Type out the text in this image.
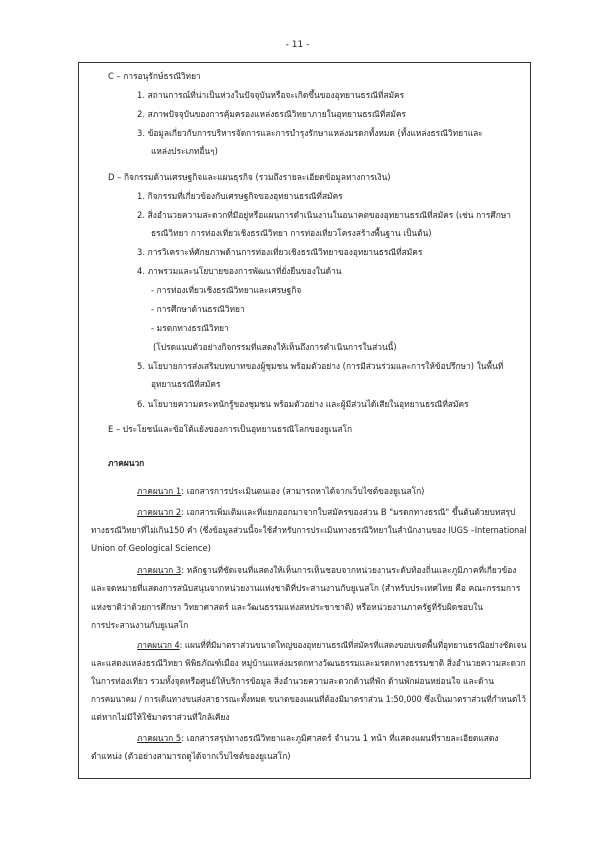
- 11 -
C – การอนุรักษ์ธรณีวิทยา
1. สถานการณ์ที่น่าเป็นห่วงในปัจจุบันหรือจะเกิดขึ้นของอุทยานธรณีที่สมัคร
2. สภาพปัจจุบันของการคุ้มครองแหล่งธรณีวิทยาภายในอุทยานธรณีที่สมัคร
3. ข้อมูลเกี่ยวกับการบริหารจัดการและการบำรุงรักษาแหล่งมรดกทั้งหมด (ทั้งแหล่งธรณีวิทยาและ
แหล่งประเภทอื่นๆ)
D – กิจกรรมด้านเศรษฐกิจและแผนธุรกิจ (รวมถึงรายละเอียดข้อมูลทางการเงิน)
1. กิจกรรมที่เกี่ยวข้องกับเศรษฐกิจของอุทยานธรณีที่สมัคร
2. สิ่งอำนวยความสะดวกที่มีอยู่หรือแผนการดำเนินงานในอนาคตของอุทยานธรณีที่สมัคร (เช่น การศึกษา
ธรณีวิทยา การท่องเที่ยวเชิงธรณีวิทยา การท่องเที่ยวโครงสร้างพื้นฐาน เป็นต้น)
3. การวิเคราะห์ศักยภาพด้านการท่องเที่ยวเชิงธรณีวิทยาของอุทยานธรณีที่สมัคร
4. ภาพรวมและนโยบายของการพัฒนาที่ยั่งยืนของในด้าน
- การท่องเที่ยวเชิงธรณีวิทยาและเศรษฐกิจ
- การศึกษาด้านธรณีวิทยา
- มรดกทางธรณีวิทยา
(โปรดแนบตัวอย่างกิจกรรมที่แสดงให้เห็นถึงการดำเนินการในส่วนนี้)
5. นโยบายการส่งเสริมบทบาทของผู้ชุมชน พร้อมตัวอย่าง (การมีส่วนร่วมและการให้ข้อปรึกษา) ในพื้นที่
อุทยานธรณีที่สมัคร
6. นโยบายความตระหนักรู้ของชุมชน พร้อมตัวอย่าง และผู้มีส่วนได้เสียในอุทยานธรณีที่สมัคร
E – ประโยชน์และข้อโต้แย้งของการเป็นอุทยานธรณีโลกของยูเนสโก
ภาคผนวก
ภาคผนวก 1: เอกสารการประเมินตนเอง (สามารถหาได้จากเว็บไซต์ของยูเนสโก)
ภาคผนวก 2: เอกสารเพิ่มเติมและที่แยกออกมาจากใบสมัครของส่วน B "มรดกทางธรณี" ขึ้นต้นด้วยบทสรุป
ทางธรณีวิทยาที่ไม่เกิน150 คำ (ซึ่งข้อมูลส่วนนี้จะใช้สำหรับการประเมินทางธรณีวิทยาในสำนักงานของ IUGS –International
Union of Geological Science)
ภาคผนวก 3: หลักฐานที่ชัดเจนที่แสดงให้เห็นการเห็นชอบจากหน่วยงานระดับท้องถิ่นและภูมิภาคที่เกี่ยวข้อง
และจดหมายที่แสดงการสนับสนุนจากหน่วยงานแห่งชาติที่ประสานงานกับยูเนสโก (สำหรับประเทศไทย คือ คณะกรรมการ
แห่งชาติว่าด้วยการศึกษา วิทยาศาสตร์ และวัฒนธรรมแห่งสหประชาชาติ) หรือหน่วยงานภาครัฐที่รับผิดชอบใน
การประสานงานกับยูเนสโก
ภาคผนวก 4: แผนที่ที่มีมาตราส่วนขนาดใหญ่ของอุทยานธรณีที่สมัครที่แสดงขอบเขตพื้นที่อุทยานธรณีอย่างชัดเจน
และแสดงแหล่งธรณีวิทยา พิพิธภัณฑ์เมือง หมู่บ้านแหล่งมรดกทางวัฒนธรรมและมรดกทางธรรมชาติ สิ่งอำนวยความสะดวก
ในการท่องเที่ยว รวมทั้งจุดหรือศูนย์ให้บริการข้อมูล สิ่งอำนวยความสะดวกด้านที่พัก ด้านพักผ่อนหย่อนใจ และด้าน
การคมนาคม / การเดินทางขนส่งสาธารณะทั้งหมด ขนาดของแผนที่ต้องมีมาตราส่วน 1:50,000 ซึ่งเป็นมาตราส่วนที่กำหนดไว้
แต่หากไม่มีให้ใช้มาตราส่วนที่ใกล้เคียง
ภาคผนวก 5: เอกสารสรุปทางธรณีวิทยาและภูมิศาสตร์ จำนวน 1 หน้า ที่แสดงแผนที่รายละเอียดแสดง
ตำแหน่ง (ตัวอย่างสามารถดูได้จากเว็บไซต์ของยูเนสโก)
